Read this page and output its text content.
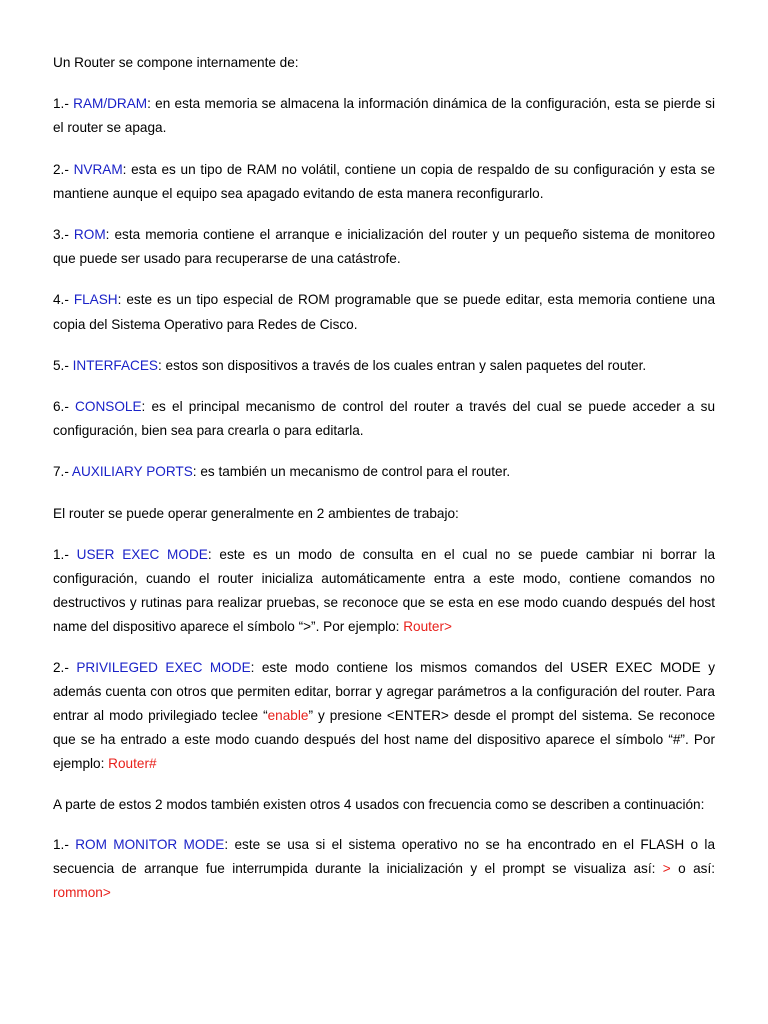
Un Router se compone internamente de:

1.- RAM/DRAM: en esta memoria se almacena la información dinámica de la configuración, esta se pierde si el router se apaga.

2.- NVRAM: esta es un tipo de RAM no volátil, contiene un copia de respaldo de su configuración y esta se mantiene aunque el equipo sea apagado evitando de esta manera reconfigurarlo.

3.- ROM: esta memoria contiene el arranque e inicialización del router y un pequeño sistema de monitoreo que puede ser usado para recuperarse de una catástrofe.

4.- FLASH: este es un tipo especial de ROM programable que se puede editar, esta memoria contiene una copia del Sistema Operativo para Redes de Cisco.

5.- INTERFACES: estos son dispositivos a través de los cuales entran y salen paquetes del router.

6.- CONSOLE: es el principal mecanismo de control del router a través del cual se puede acceder a su configuración, bien sea para crearla o para editarla.

7.- AUXILIARY PORTS: es también un mecanismo de control para el router.

El router se puede operar generalmente en 2 ambientes de trabajo:

1.- USER EXEC MODE: este es un modo de consulta en el cual no se puede cambiar ni borrar la configuración, cuando el router inicializa automáticamente entra a este modo, contiene comandos no destructivos y rutinas para realizar pruebas, se reconoce que se esta en ese modo cuando después del host name del dispositivo aparece el símbolo “>”. Por ejemplo: Router>

2.- PRIVILEGED EXEC MODE: este modo contiene los mismos comandos del USER EXEC MODE y además cuenta con otros que permiten editar, borrar y agregar parámetros a la configuración del router. Para entrar al modo privilegiado teclee “enable” y presione <ENTER> desde el prompt del sistema. Se reconoce que se ha entrado a este modo cuando después del host name del dispositivo aparece el símbolo “#”. Por ejemplo: Router#

A parte de estos 2 modos también existen otros 4 usados con frecuencia como se describen a continuación:

1.- ROM MONITOR MODE: este se usa si el sistema operativo no se ha encontrado en el FLASH o la secuencia de arranque fue interrumpida durante la inicialización y el prompt se visualiza así: > o así: rommon>
